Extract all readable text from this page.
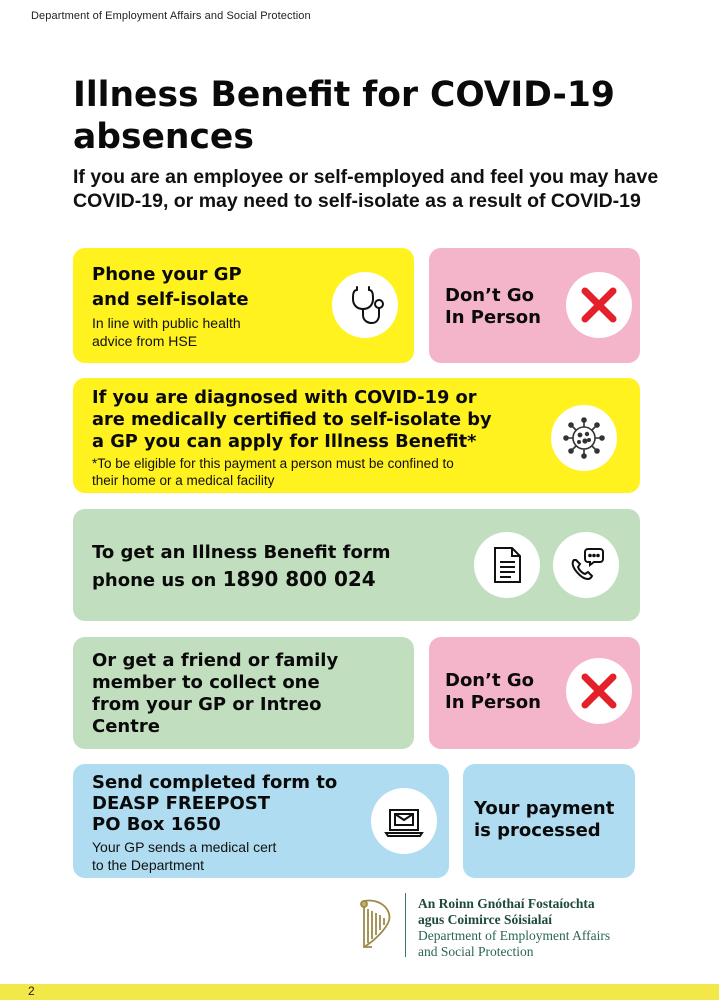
Department of Employment Affairs and Social Protection
Illness Benefit for COVID-19 absences

If you are an employee or self-employed and feel you may have COVID-19, or may need to self-isolate as a result of COVID-19

Phone your GP
and self-isolate
In line with public health
advice from HSE
Don’t Go
In Person
If you are diagnosed with COVID-19 or
are medically certified to self-isolate by
a GP you can apply for Illness Benefit*
*To be eligible for this payment a person must be confined to
their home or a medical facility
To get an Illness Benefit form
phone us on 1890 800 024
Or get a friend or family
member to collect one
from your GP or Intreo
Centre
Don’t Go
In Person
Send completed form to
DEASP FREEPOST
PO Box 1650
Your GP sends a medical cert
to the Department
Your payment
is processed
An Roinn Gnóthaí Fostaíochta
agus Coimirce Sóisialaí
Department of Employment Affairs
and Social Protection
2
